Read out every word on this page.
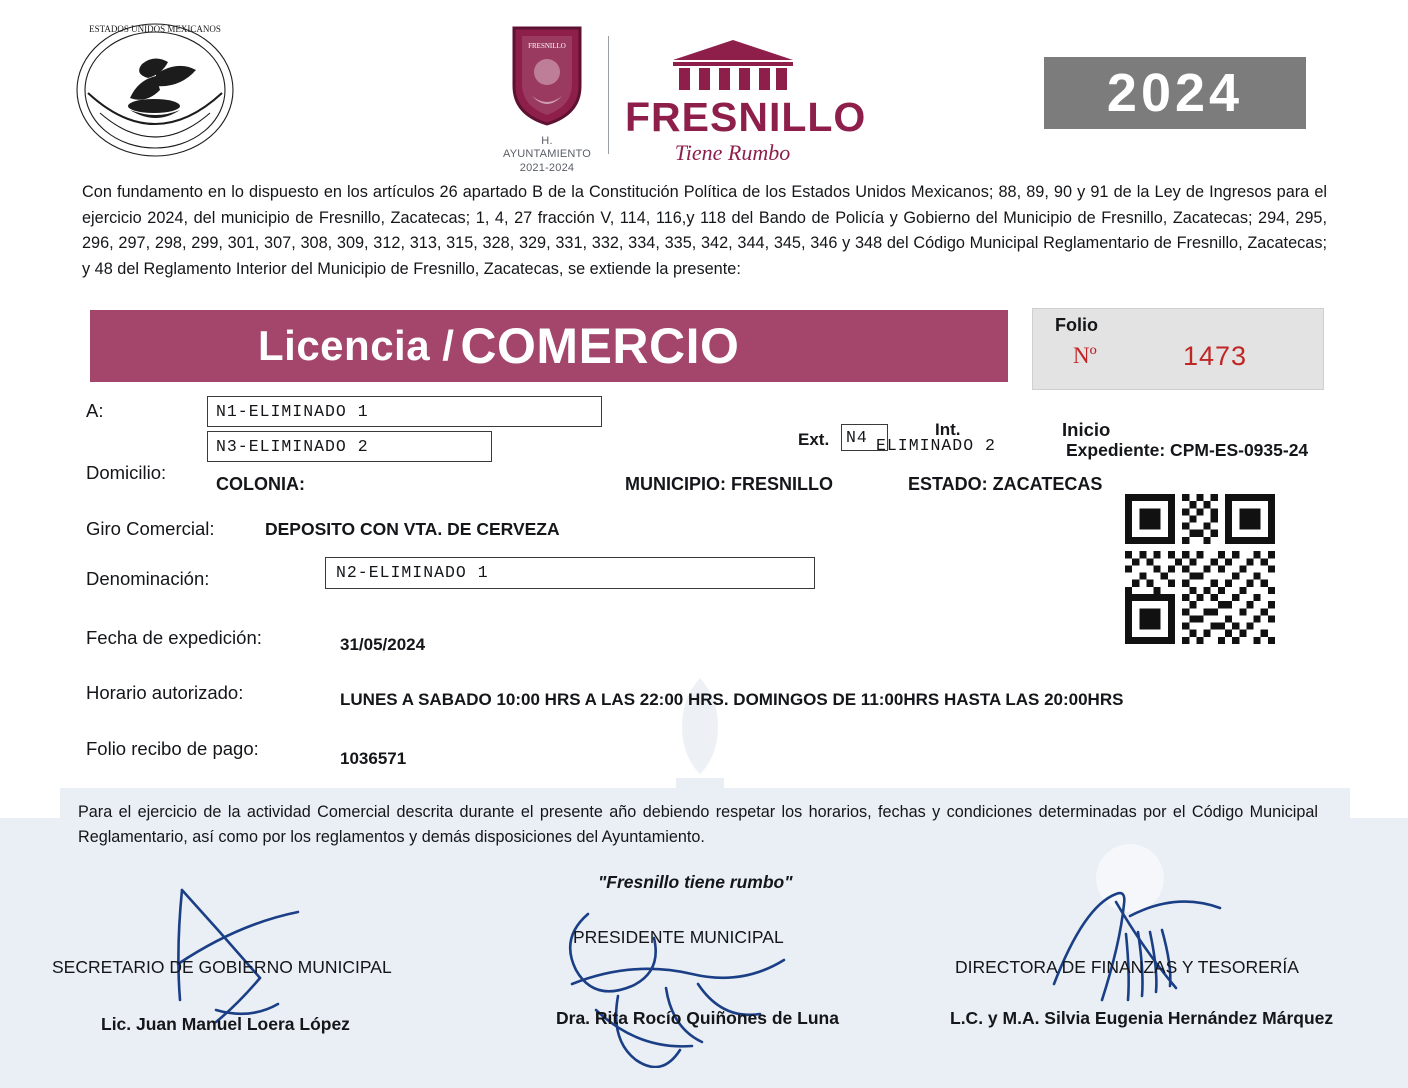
ESTADOS UNIDOS MEXICANOS
FRESNILLO
H. AYUNTAMIENTO
2021-2024
FRESNILLO
Tiene Rumbo
2024

Con fundamento en lo dispuesto en los artículos 26 apartado B de la Constitución Política de los Estados Unidos Mexicanos; 88, 89, 90 y 91 de la Ley de Ingresos para el ejercicio 2024, del municipio de Fresnillo, Zacatecas; 1, 4, 27 fracción V, 114, 116,y 118 del Bando de Policía y Gobierno del Municipio de Fresnillo, Zacatecas; 294, 295, 296, 297, 298, 299, 301, 307, 308, 309, 312, 313, 315, 328, 329, 331, 332, 334, 335, 342, 344, 345, 346 y 348 del Código Municipal Reglamentario de Fresnillo, Zacatecas; y 48 del Reglamento Interior del Municipio de Fresnillo, Zacatecas, se extiende la presente:

Licencia / COMERCIO	Folio
Nº	1473
A:	N1-ELIMINADO 1
N3-ELIMINADO 2
Domicilio:
Ext. N4	Int.
ELIMINADO 2
Inicio
Expediente: CPM-ES-0935-24
COLONIA:	MUNICIPIO: FRESNILLO	ESTADO: ZACATECAS
Giro Comercial:	DEPOSITO CON VTA. DE CERVEZA
Denominación:	N2-ELIMINADO 1
Fecha de expedición:	31/05/2024
Horario autorizado:	LUNES A SABADO 10:00 HRS A LAS 22:00 HRS. DOMINGOS DE 11:00HRS HASTA LAS 20:00HRS
Folio recibo de pago:	1036571

Para el ejercicio de la actividad Comercial descrita durante el presente año debiendo respetar los horarios, fechas y condiciones determinadas por el Código Municipal Reglamentario, así como por los reglamentos y demás disposiciones del Ayuntamiento.

"Fresnillo tiene rumbo"
SECRETARIO DE GOBIERNO MUNICIPAL
Lic. Juan Manuel Loera López
PRESIDENTE MUNICIPAL
Dra. Rita Rocío Quiñones de Luna
DIRECTORA DE FINANZAS Y TESORERÍA
L.C. y M.A. Silvia Eugenia Hernández Márquez
